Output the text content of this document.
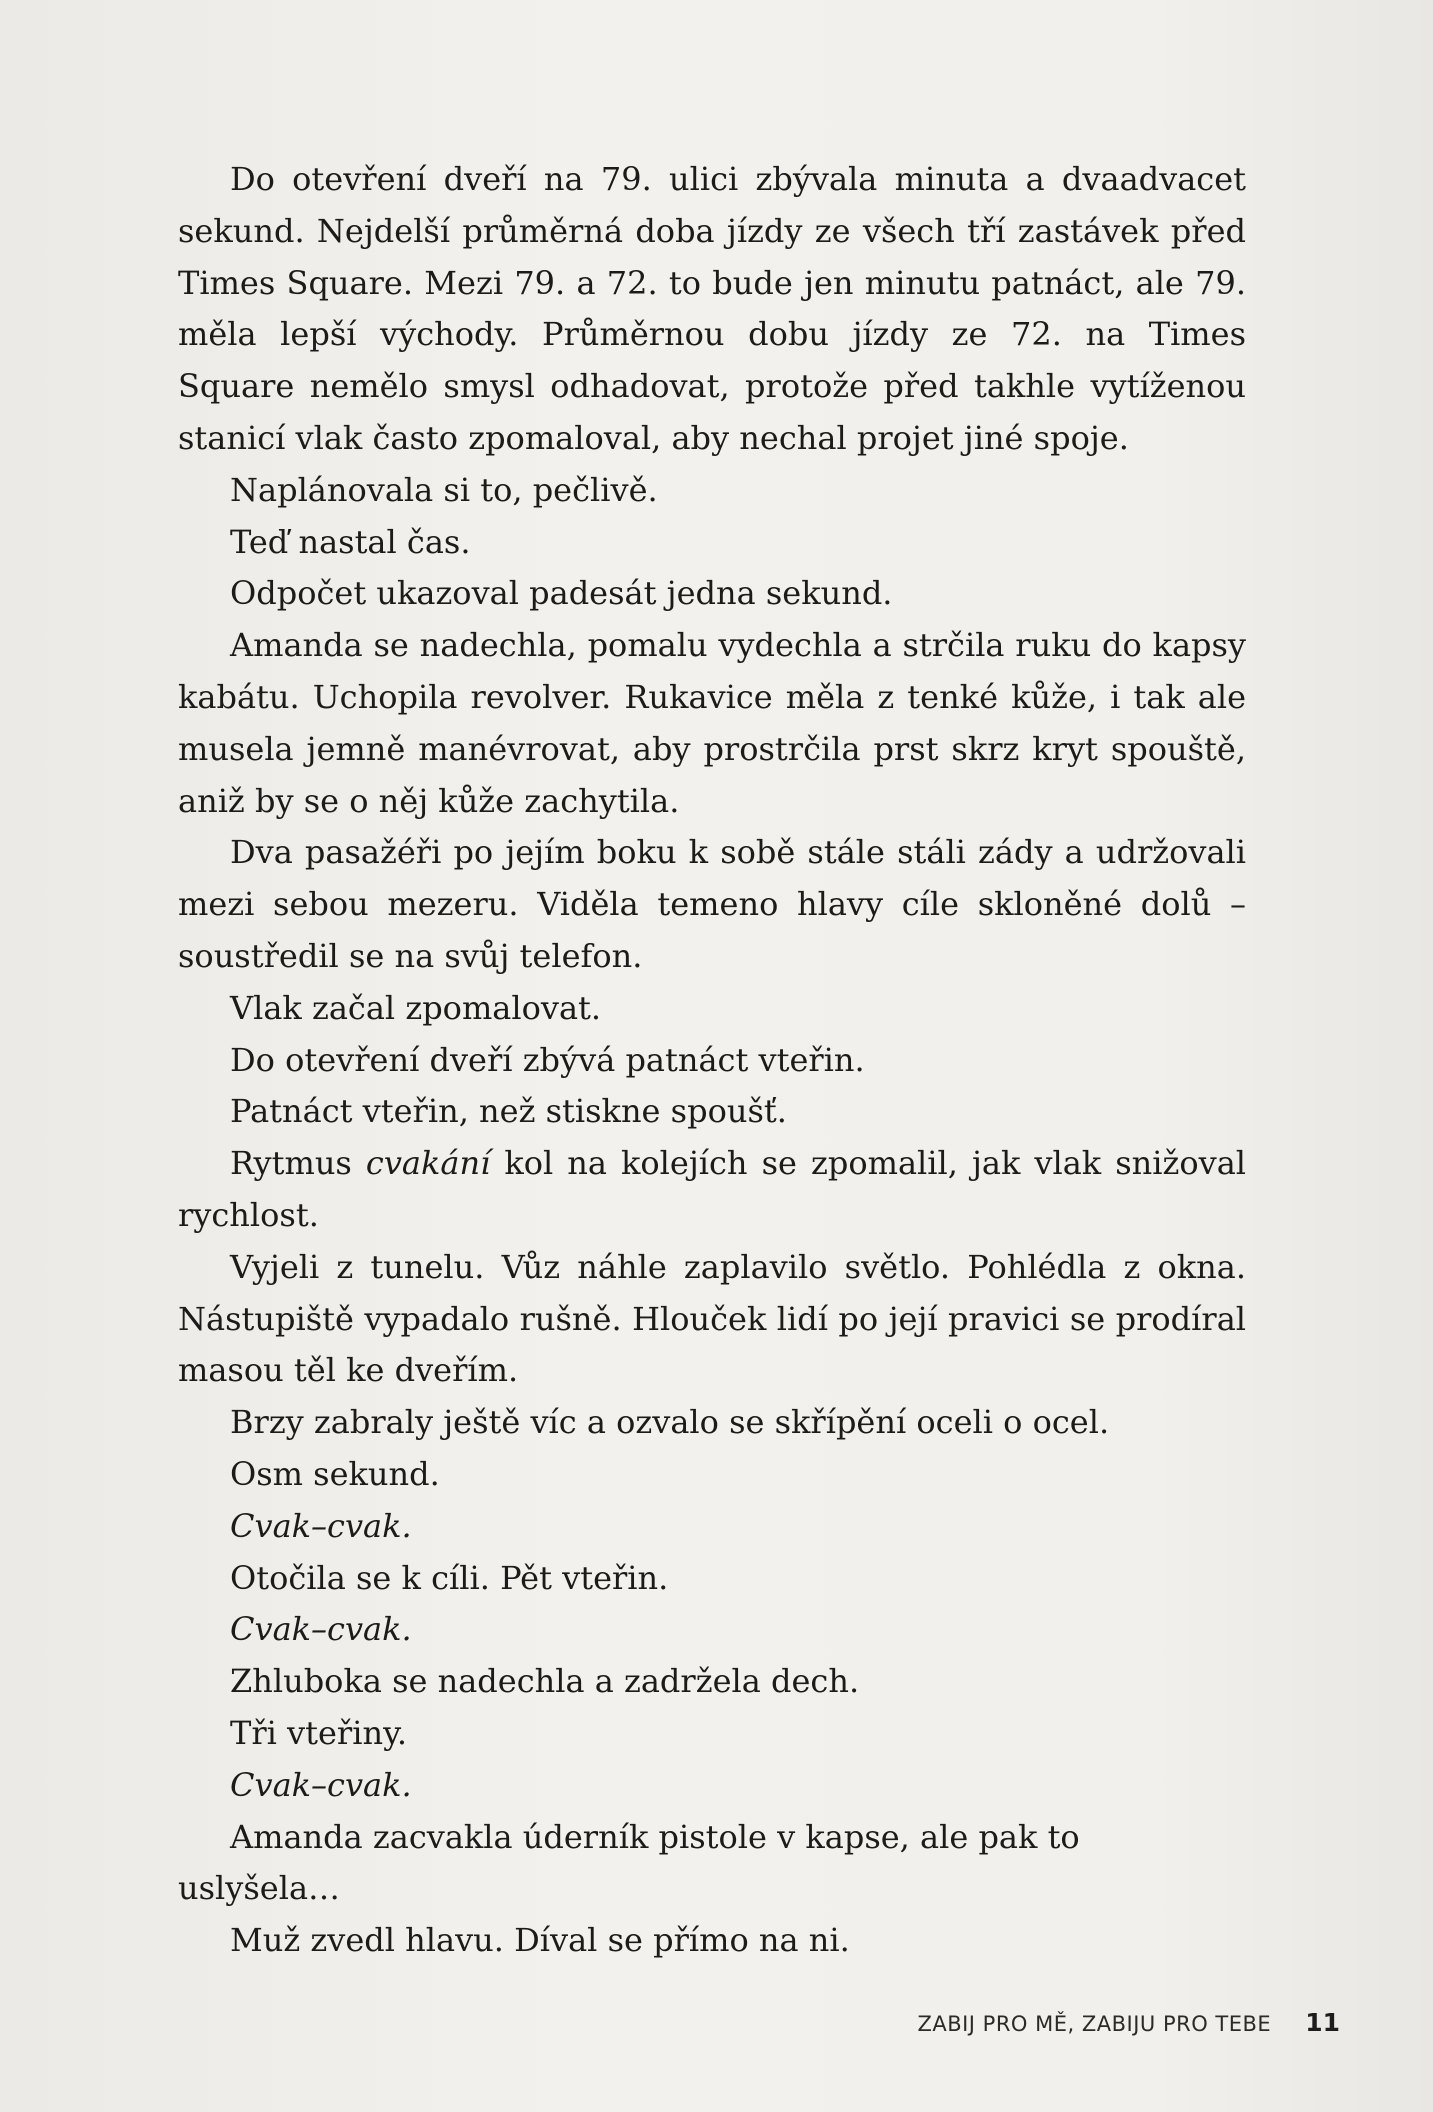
Do otevření dveří na 79. ulici zbývala minuta a dvaadvacet sekund. Nejdelší průměrná doba jízdy ze všech tří zastávek před Times Square. Mezi 79. a 72. to bude jen minutu patnáct, ale 79. měla lepší východy. Průměrnou dobu jízdy ze 72. na Times Square nemělo smysl odhadovat, protože před takhle vytíženou stanicí vlak často zpomaloval, aby nechal projet jiné spoje.

Naplánovala si to, pečlivě.

Teď nastal čas.

Odpočet ukazoval padesát jedna sekund.

Amanda se nadechla, pomalu vydechla a strčila ruku do kapsy kabátu. Uchopila revolver. Rukavice měla z tenké kůže, i tak ale musela jemně manévrovat, aby prostrčila prst skrz kryt spouště, aniž by se o něj kůže zachytila.

Dva pasažéři po jejím boku k sobě stále stáli zády a udržovali mezi sebou mezeru. Viděla temeno hlavy cíle skloněné dolů – soustředil se na svůj telefon.

Vlak začal zpomalovat.

Do otevření dveří zbývá patnáct vteřin.

Patnáct vteřin, než stiskne spoušť.

Rytmus cvakání kol na kolejích se zpomalil, jak vlak snižoval rychlost.

Vyjeli z tunelu. Vůz náhle zaplavilo světlo. Pohlédla z okna. Nástupiště vypadalo rušně. Hlouček lidí po její pravici se prodíral masou těl ke dveřím.

Brzy zabraly ještě víc a ozvalo se skřípění oceli o ocel.

Osm sekund.

Cvak–cvak.

Otočila se k cíli. Pět vteřin.

Cvak–cvak.

Zhluboka se nadechla a zadržela dech.

Tři vteřiny.

Cvak–cvak.

Amanda zacvakla úderník pistole v kapse, ale pak to uslyšela…

Muž zvedl hlavu. Díval se přímo na ni.

ZABIJ PRO MĚ, ZABIJU PRO TEBE 11
